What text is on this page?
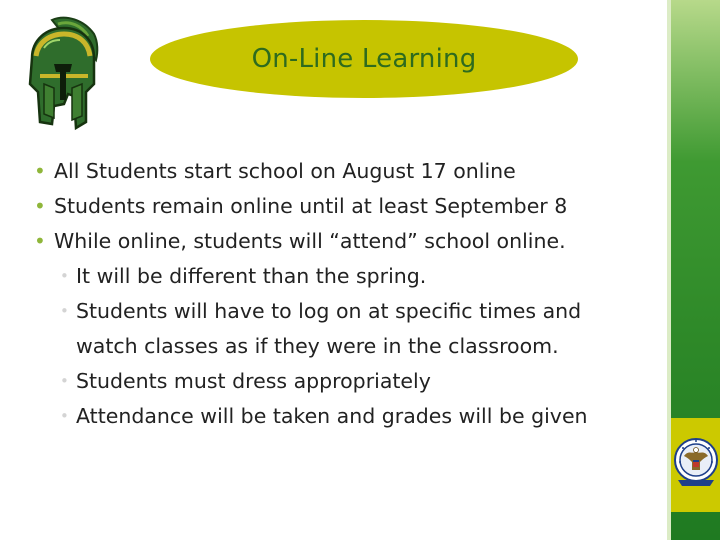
On-Line Learning
• All Students start school on August 17 online
• Students remain online until at least September 8
• While online, students will “attend” school online.
• It will be different than the spring.
• Students will have to log on at specific times and watch classes as if they were in the classroom.
• Students must dress appropriately
• Attendance will be taken and grades will be given
